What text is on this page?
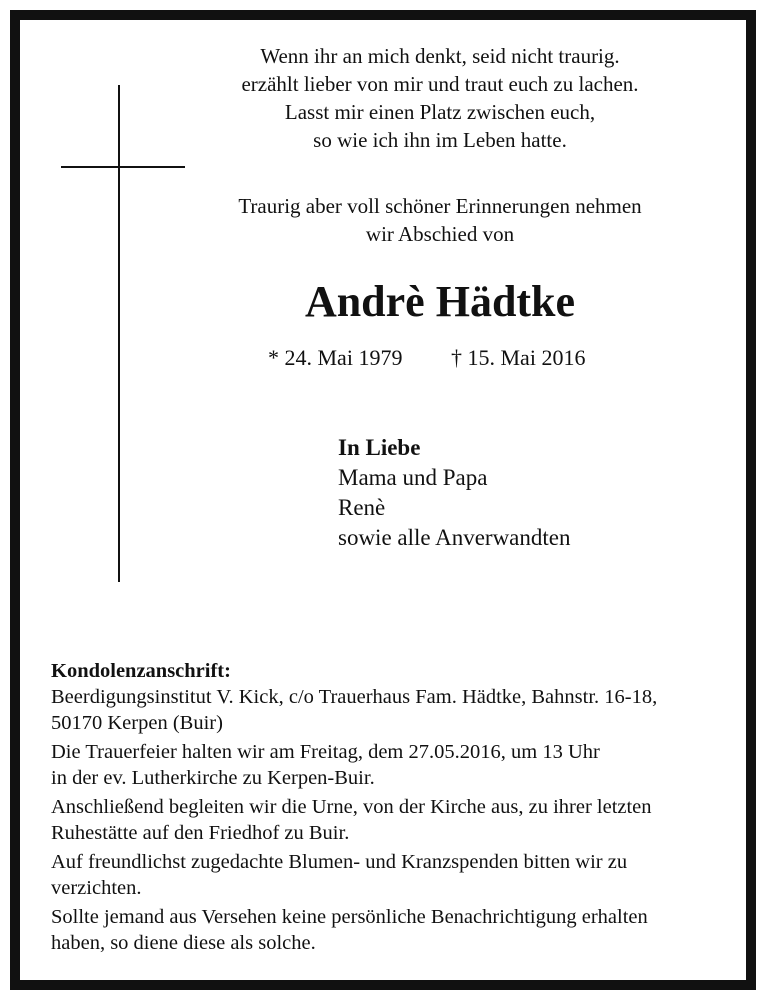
Wenn ihr an mich denkt, seid nicht traurig.
erzählt lieber von mir und traut euch zu lachen.
Lasst mir einen Platz zwischen euch,
so wie ich ihn im Leben hatte.
Traurig aber voll schöner Erinnerungen nehmen
wir Abschied von
Andrè Hädtke
* 24. Mai 1979 † 15. Mai 2016
In Liebe
Mama und Papa
Renè
sowie alle Anverwandten
Kondolenzanschrift:
Beerdigungsinstitut V. Kick, c/o Trauerhaus Fam. Hädtke, Bahnstr. 16-18,
50170 Kerpen (Buir)
Die Trauerfeier halten wir am Freitag, dem 27.05.2016, um 13 Uhr
in der ev. Lutherkirche zu Kerpen-Buir.
Anschließend begleiten wir die Urne, von der Kirche aus, zu ihrer letzten
Ruhestätte auf den Friedhof zu Buir.
Auf freundlichst zugedachte Blumen- und Kranzspenden bitten wir zu
verzichten.
Sollte jemand aus Versehen keine persönliche Benachrichtigung erhalten
haben, so diene diese als solche.
